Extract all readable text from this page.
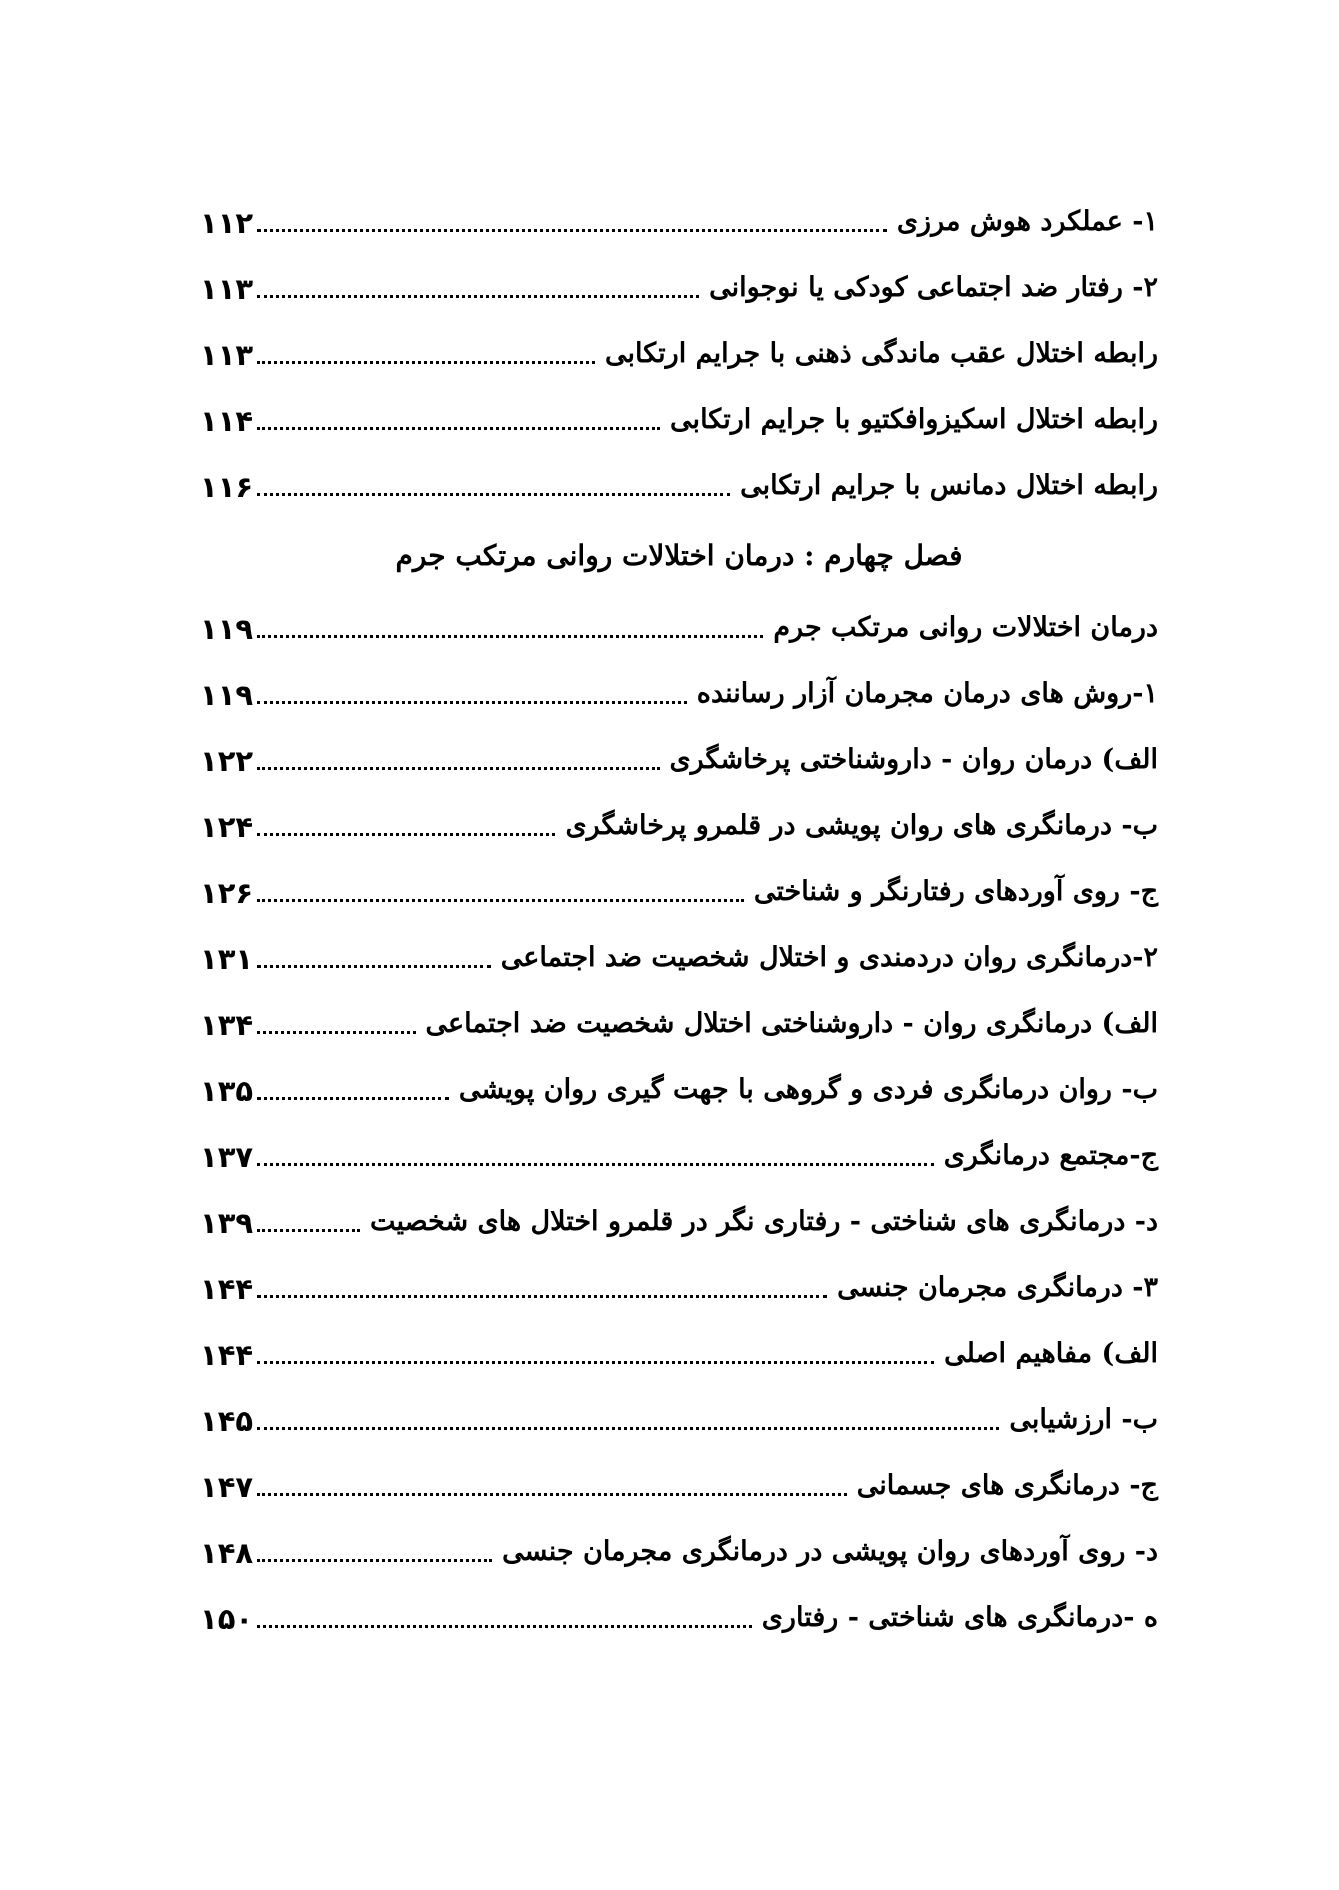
۱۱۲	۱- عملکرد هوش مرزی
۱۱۳	۲- رفتار ضد اجتماعی کودکی یا نوجوانی
۱۱۳	رابطه اختلال عقب ماندگی ذهنی با جرایم ارتکابی
۱۱۴	رابطه اختلال اسکیزوافکتیو با جرایم ارتکابی
۱۱۶	رابطه اختلال دمانس با جرایم ارتکابی
فصل چهارم : درمان اختلالات روانی مرتکب جرم
۱۱۹	درمان اختلالات روانی مرتکب جرم
۱۱۹	۱-روش های درمان مجرمان آزار رساننده
۱۲۲	الف) درمان روان - داروشناختی پرخاشگری
۱۲۴	ب- درمانگری های روان پویشی در قلمرو پرخاشگری
۱۲۶	ج- روی آوردهای رفتارنگر و شناختی
۱۳۱	۲-درمانگری روان دردمندی و اختلال شخصیت ضد اجتماعی
۱۳۴	الف) درمانگری روان - داروشناختی اختلال شخصیت ضد اجتماعی
۱۳۵	ب- روان درمانگری فردی و گروهی با جهت گیری روان پویشی
۱۳۷	ج-مجتمع درمانگری
۱۳۹	د- درمانگری های شناختی - رفتاری نگر در قلمرو اختلال های شخصیت
۱۴۴	۳- درمانگری مجرمان جنسی
۱۴۴	الف) مفاهیم اصلی
۱۴۵	ب- ارزشیابی
۱۴۷	ج- درمانگری های جسمانی
۱۴۸	د- روی آوردهای روان پویشی در درمانگری مجرمان جنسی
۱۵۰	ه -درمانگری های شناختی - رفتاری
